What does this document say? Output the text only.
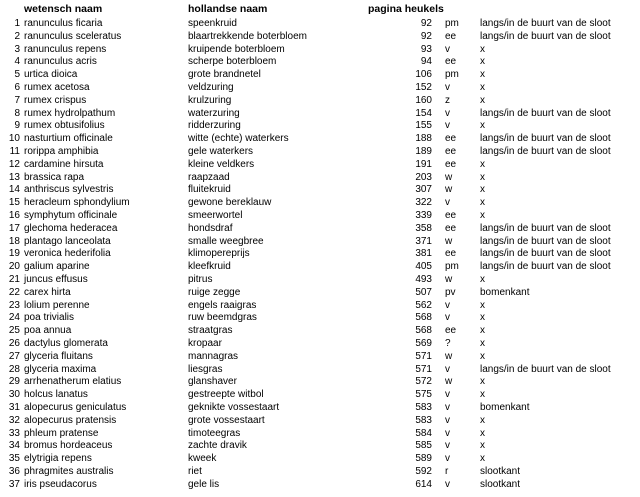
wetensch naam	hollandse naam	pagina heukels
1 ranunculus ficaria	speenkruid	92 pm langs/in de buurt van de sloot
2 ranunculus sceleratus	blaartrekkende boterbloem	92 ee langs/in de buurt van de sloot
3 ranunculus repens	kruipende boterbloem	93 v	x
4 ranunculus acris	scherpe boterbloem	94 ee x
5 urtica dioica	grote brandnetel	106 pm x
6 rumex acetosa	veldzuring	152 v	x
7 rumex crispus	krulzuring	160 z	x
8 rumex hydrolpathum	waterzuring	154 v	langs/in de buurt van de sloot
9 rumex obtusifolius	ridderzuring	155 v	x
10 nasturtium officinale	witte (echte) waterkers	188 ee langs/in de buurt van de sloot
11 rorippa amphibia	gele waterkers	189 ee langs/in de buurt van de sloot
12 cardamine hirsuta	kleine veldkers	191 ee x
13 brassica rapa	raapzaad	203 w	x
14 anthriscus sylvestris	fluitekruid	307 w	x
15 heracleum sphondylium	gewone bereklauw	322 v	x
16 symphytum officinale	smeerwortel	339 ee x
17 glechoma hederacea	hondsdraf	358 ee langs/in de buurt van de sloot
18 plantago lanceolata	smalle weegbree	371 w	langs/in de buurt van de sloot
19 veronica hederifolia	klimopereprijs	381 ee langs/in de buurt van de sloot
20 galium aparine	kleefkruid	405 pm langs/in de buurt van de sloot
21 juncus effusus	pitrus	493 w	x
22 carex hirta	ruige zegge	507 pv bomenkant
23 lolium perenne	engels raaigras	562 v	x
24 poa trivialis	ruw beemdgras	568 v	x
25 poa annua	straatgras	568 ee x
26 dactylus glomerata	kropaar	569 ?	x
27 glyceria fluitans	mannagras	571 w	x
28 glyceria maxima	liesgras	571 v	langs/in de buurt van de sloot
29 arrhenatherum elatius	glanshaver	572 w	x
30 holcus lanatus	gestreepte witbol	575 v	x
31 alopecurus geniculatus	geknikte vossestaart	583 v	bomenkant
32 alopecurus pratensis	grote vossestaart	583 v	x
33 phleum pratense	timoteegras	584 v	x
34 bromus hordeaceus	zachte dravik	585 v	x
35 elytrigia repens	kweek	589 v	x
36 phragmites australis	riet	592 r	slootkant
37 iris pseudacorus	gele lis	614 v	slootkant
